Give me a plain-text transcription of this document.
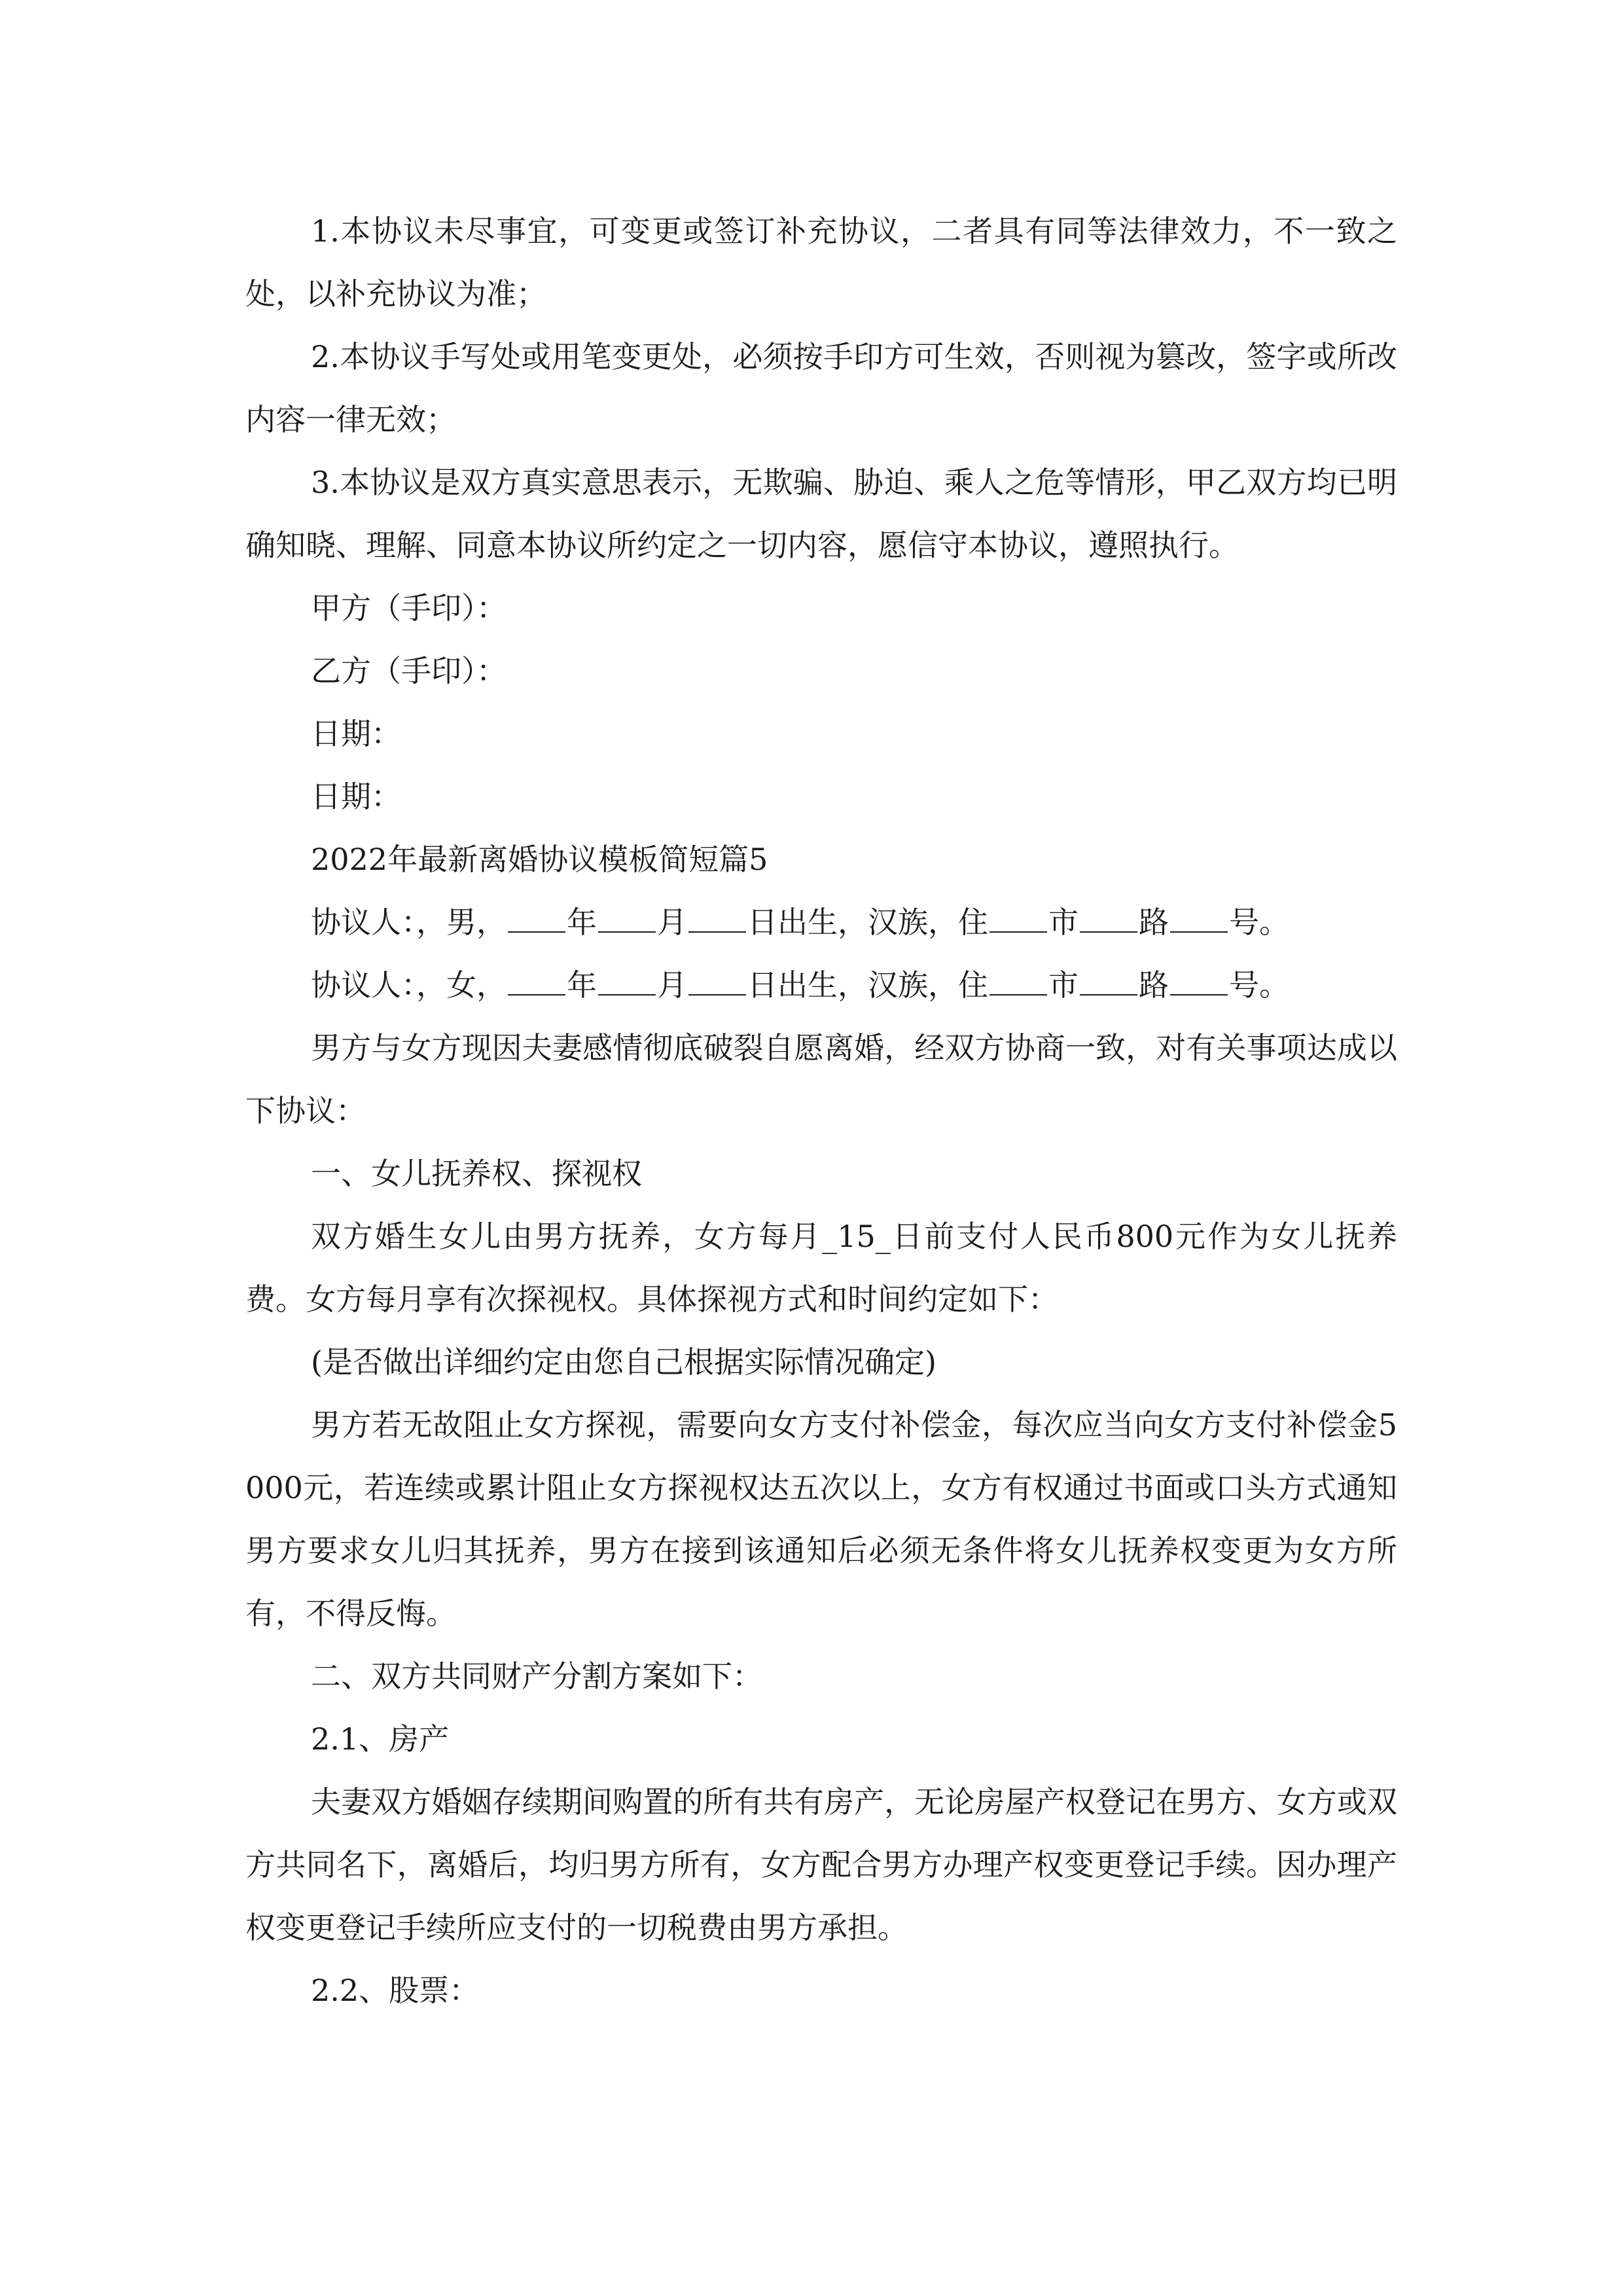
1.本协议未尽事宜，可变更或签订补充协议，二者具有同等法律效力，不一致之处，以补充协议为准；

2.本协议手写处或用笔变更处，必须按手印方可生效，否则视为篡改，签字或所改内容一律无效；

3.本协议是双方真实意思表示，无欺骗、胁迫、乘人之危等情形，甲乙双方均已明确知晓、理解、同意本协议所约定之一切内容，愿信守本协议，遵照执行。

甲方（手印）：

乙方（手印）：

日期：

日期：

2022年最新离婚协议模板简短篇5

协议人：，男， 年 月 日出生，汉族，住 市 路 号。
协议人：，女， 年 月 日出生，汉族，住 市 路 号。

男方与女方现因夫妻感情彻底破裂自愿离婚，经双方协商一致，对有关事项达成以下协议：

一、女儿抚养权、探视权

双方婚生女儿由男方抚养，女方每月_15_日前支付人民币800元作为女儿抚养费。女方每月享有次探视权。具体探视方式和时间约定如下：

(是否做出详细约定由您自己根据实际情况确定)

男方若无故阻止女方探视，需要向女方支付补偿金，每次应当向女方支付补偿金5000元，若连续或累计阻止女方探视权达五次以上，女方有权通过书面或口头方式通知男方要求女儿归其抚养，男方在接到该通知后必须无条件将女儿抚养权变更为女方所有，不得反悔。

二、双方共同财产分割方案如下：

2.1、房产

夫妻双方婚姻存续期间购置的所有共有房产，无论房屋产权登记在男方、女方或双方共同名下，离婚后，均归男方所有，女方配合男方办理产权变更登记手续。因办理产权变更登记手续所应支付的一切税费由男方承担。

2.2、股票：
